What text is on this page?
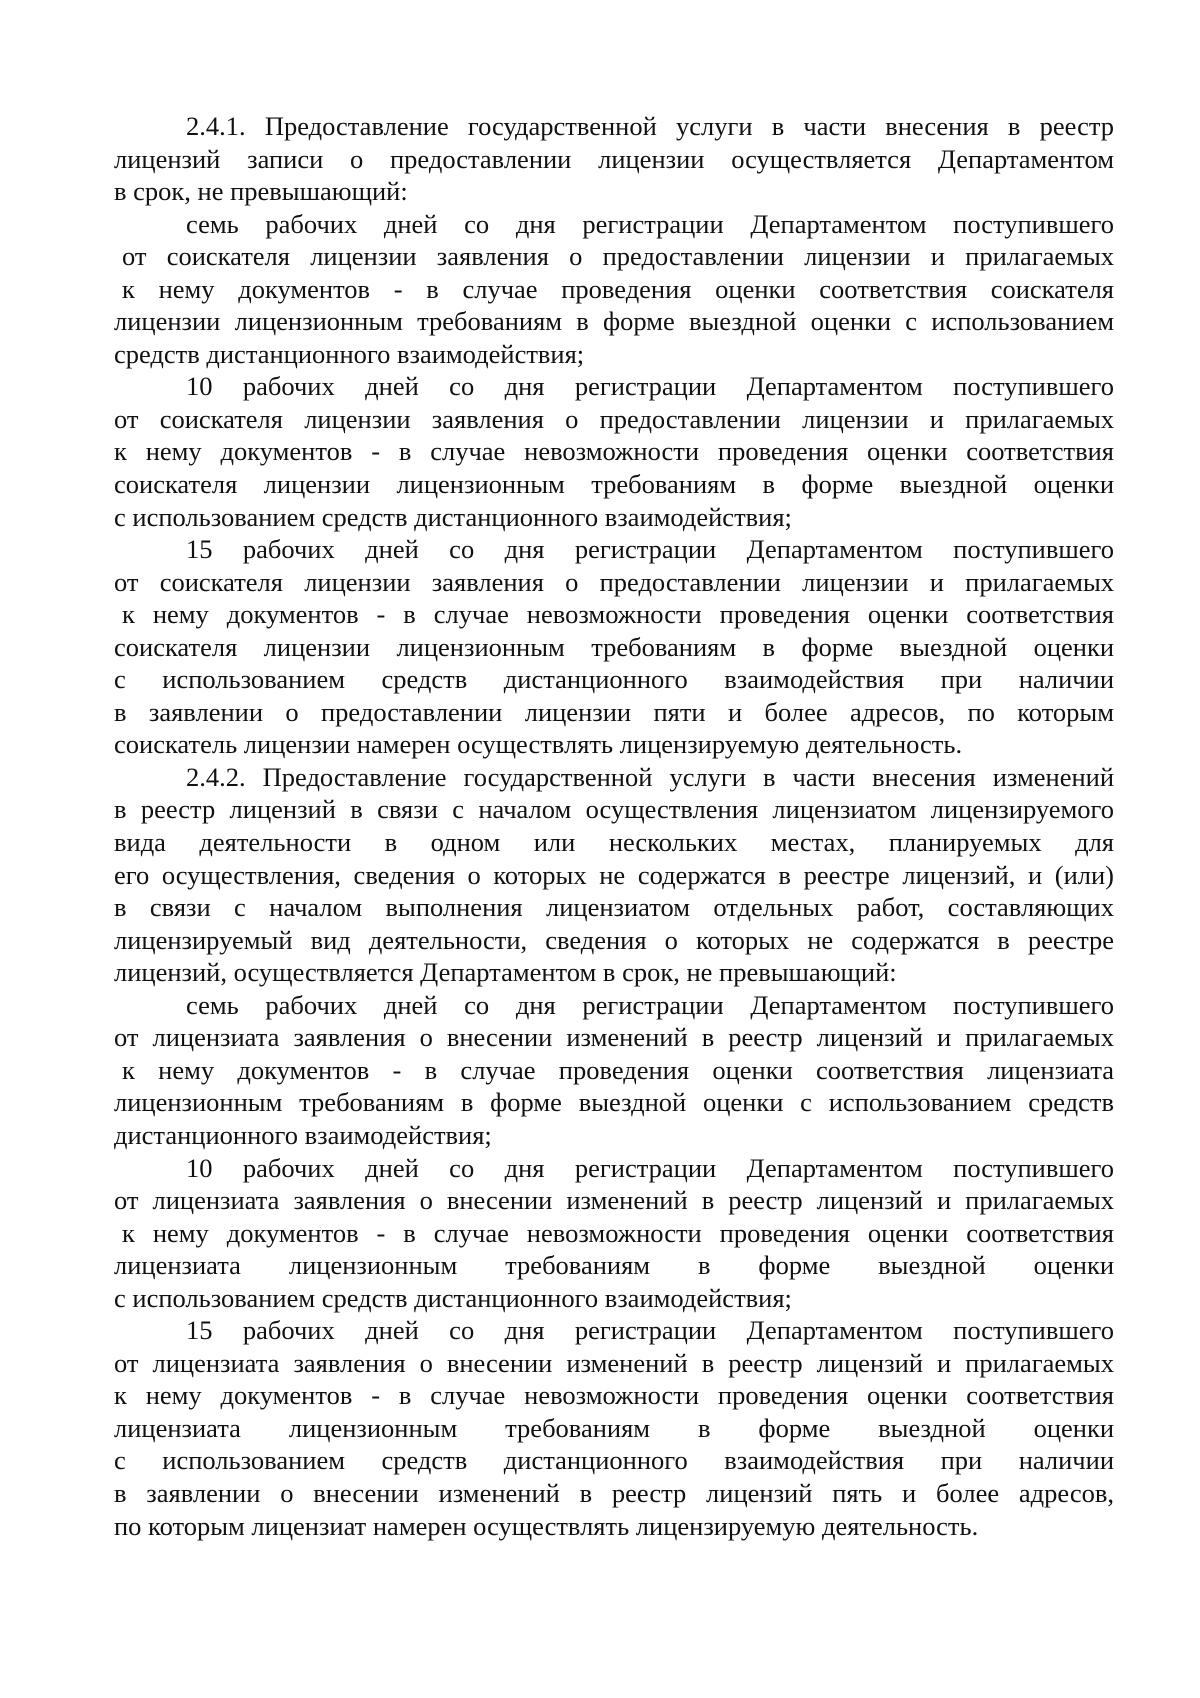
2.4.1. Предоставление государственной услуги в части внесения в реестр
лицензий записи о предоставлении лицензии осуществляется Департаментом
в срок, не превышающий:
семь рабочих дней со дня регистрации Департаментом поступившего
от соискателя лицензии заявления о предоставлении лицензии и прилагаемых
к нему документов - в случае проведения оценки соответствия соискателя
лицензии лицензионным требованиям в форме выездной оценки с использованием
средств дистанционного взаимодействия;
10 рабочих дней со дня регистрации Департаментом поступившего
от соискателя лицензии заявления о предоставлении лицензии и прилагаемых
к нему документов - в случае невозможности проведения оценки соответствия
соискателя лицензии лицензионным требованиям в форме выездной оценки
с использованием средств дистанционного взаимодействия;
15 рабочих дней со дня регистрации Департаментом поступившего
от соискателя лицензии заявления о предоставлении лицензии и прилагаемых
к нему документов - в случае невозможности проведения оценки соответствия
соискателя лицензии лицензионным требованиям в форме выездной оценки
с использованием средств дистанционного взаимодействия при наличии
в заявлении о предоставлении лицензии пяти и более адресов, по которым
соискатель лицензии намерен осуществлять лицензируемую деятельность.
2.4.2. Предоставление государственной услуги в части внесения изменений
в реестр лицензий в связи с началом осуществления лицензиатом лицензируемого
вида деятельности в одном или нескольких местах, планируемых для
его осуществления, сведения о которых не содержатся в реестре лицензий, и (или)
в связи с началом выполнения лицензиатом отдельных работ, составляющих
лицензируемый вид деятельности, сведения о которых не содержатся в реестре
лицензий, осуществляется Департаментом в срок, не превышающий:
семь рабочих дней со дня регистрации Департаментом поступившего
от лицензиата заявления о внесении изменений в реестр лицензий и прилагаемых
к нему документов - в случае проведения оценки соответствия лицензиата
лицензионным требованиям в форме выездной оценки с использованием средств
дистанционного взаимодействия;
10 рабочих дней со дня регистрации Департаментом поступившего
от лицензиата заявления о внесении изменений в реестр лицензий и прилагаемых
к нему документов - в случае невозможности проведения оценки соответствия
лицензиата лицензионным требованиям в форме выездной оценки
с использованием средств дистанционного взаимодействия;
15 рабочих дней со дня регистрации Департаментом поступившего
от лицензиата заявления о внесении изменений в реестр лицензий и прилагаемых
к нему документов - в случае невозможности проведения оценки соответствия
лицензиата лицензионным требованиям в форме выездной оценки
с использованием средств дистанционного взаимодействия при наличии
в заявлении о внесении изменений в реестр лицензий пять и более адресов,
по которым лицензиат намерен осуществлять лицензируемую деятельность.
